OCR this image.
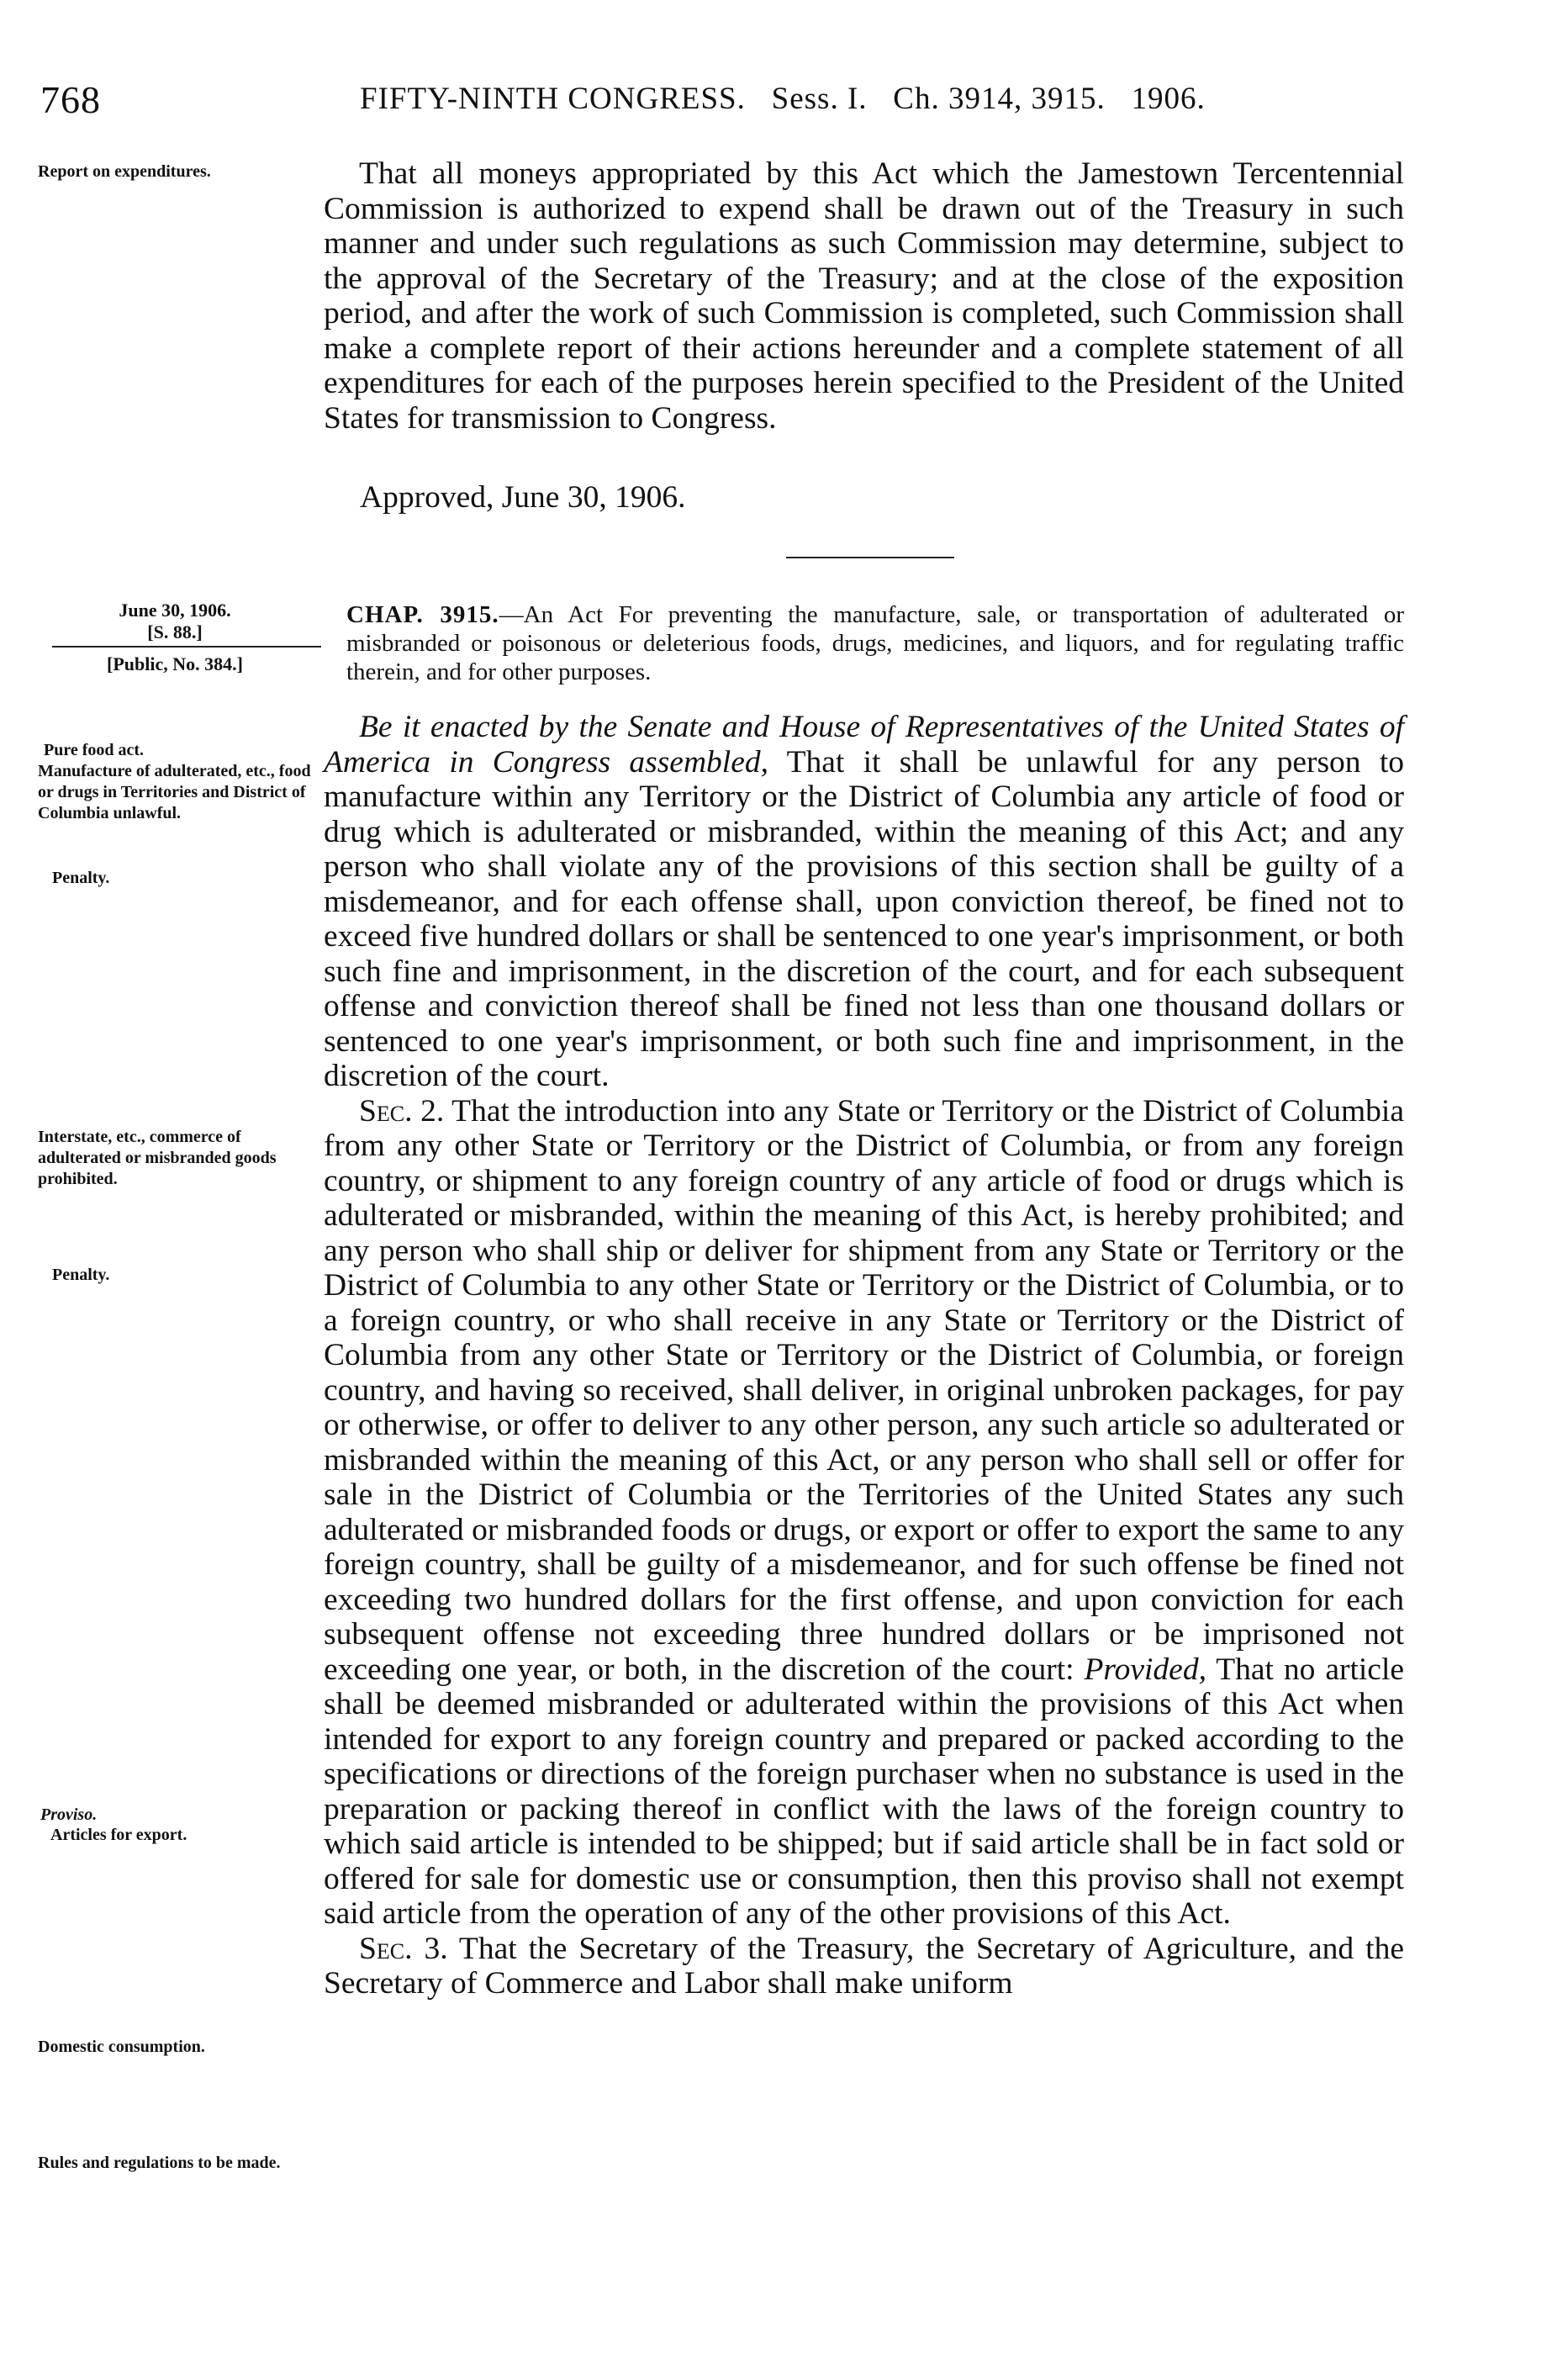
768	FIFTY-NINTH CONGRESS. Sess. I. Ch. 3914, 3915. 1906.
Report on expenditures.
June 30, 1906.
[S. 88.]
[Public, No. 384.]
Pure food act.
Manufacture of adulterated, etc., food or drugs in Territories and District of Columbia unlawful.
Penalty.
Interstate, etc., commerce of adulterated or misbranded goods prohibited.
Penalty.
Proviso.
Articles for export.
Domestic consumption.
Rules and regulations to be made.

That all moneys appropriated by this Act which the Jamestown Tercentennial Commission is authorized to expend shall be drawn out of the Treasury in such manner and under such regulations as such Commission may determine, subject to the approval of the Secretary of the Treasury; and at the close of the exposition period, and after the work of such Commission is completed, such Commission shall make a complete report of their actions hereunder and a complete statement of all expenditures for each of the purposes herein specified to the President of the United States for transmission to Congress.

Approved, June 30, 1906.
CHAP. 3915.—An Act For preventing the manufacture, sale, or transportation of adulterated or misbranded or poisonous or deleterious foods, drugs, medicines, and liquors, and for regulating traffic therein, and for other purposes.

Be it enacted by the Senate and House of Representatives of the United States of America in Congress assembled, That it shall be unlawful for any person to manufacture within any Territory or the District of Columbia any article of food or drug which is adulterated or misbranded, within the meaning of this Act; and any person who shall violate any of the provisions of this section shall be guilty of a misdemeanor, and for each offense shall, upon conviction thereof, be fined not to exceed five hundred dollars or shall be sentenced to one year's imprisonment, or both such fine and imprisonment, in the discretion of the court, and for each subsequent offense and conviction thereof shall be fined not less than one thousand dollars or sentenced to one year's imprisonment, or both such fine and imprisonment, in the discretion of the court.

Sec. 2. That the introduction into any State or Territory or the District of Columbia from any other State or Territory or the District of Columbia, or from any foreign country, or shipment to any foreign country of any article of food or drugs which is adulterated or misbranded, within the meaning of this Act, is hereby prohibited; and any person who shall ship or deliver for shipment from any State or Territory or the District of Columbia to any other State or Territory or the District of Columbia, or to a foreign country, or who shall receive in any State or Territory or the District of Columbia from any other State or Territory or the District of Columbia, or foreign country, and having so received, shall deliver, in original unbroken packages, for pay or otherwise, or offer to deliver to any other person, any such article so adulterated or misbranded within the meaning of this Act, or any person who shall sell or offer for sale in the District of Columbia or the Territories of the United States any such adulterated or misbranded foods or drugs, or export or offer to export the same to any foreign country, shall be guilty of a misdemeanor, and for such offense be fined not exceeding two hundred dollars for the first offense, and upon conviction for each subsequent offense not exceeding three hundred dollars or be imprisoned not exceeding one year, or both, in the discretion of the court: Provided, That no article shall be deemed misbranded or adulterated within the provisions of this Act when intended for export to any foreign country and prepared or packed according to the specifications or directions of the foreign purchaser when no substance is used in the preparation or packing thereof in conflict with the laws of the foreign country to which said article is intended to be shipped; but if said article shall be in fact sold or offered for sale for domestic use or consumption, then this proviso shall not exempt said article from the operation of any of the other provisions of this Act.

Sec. 3. That the Secretary of the Treasury, the Secretary of Agriculture, and the Secretary of Commerce and Labor shall make uniform
